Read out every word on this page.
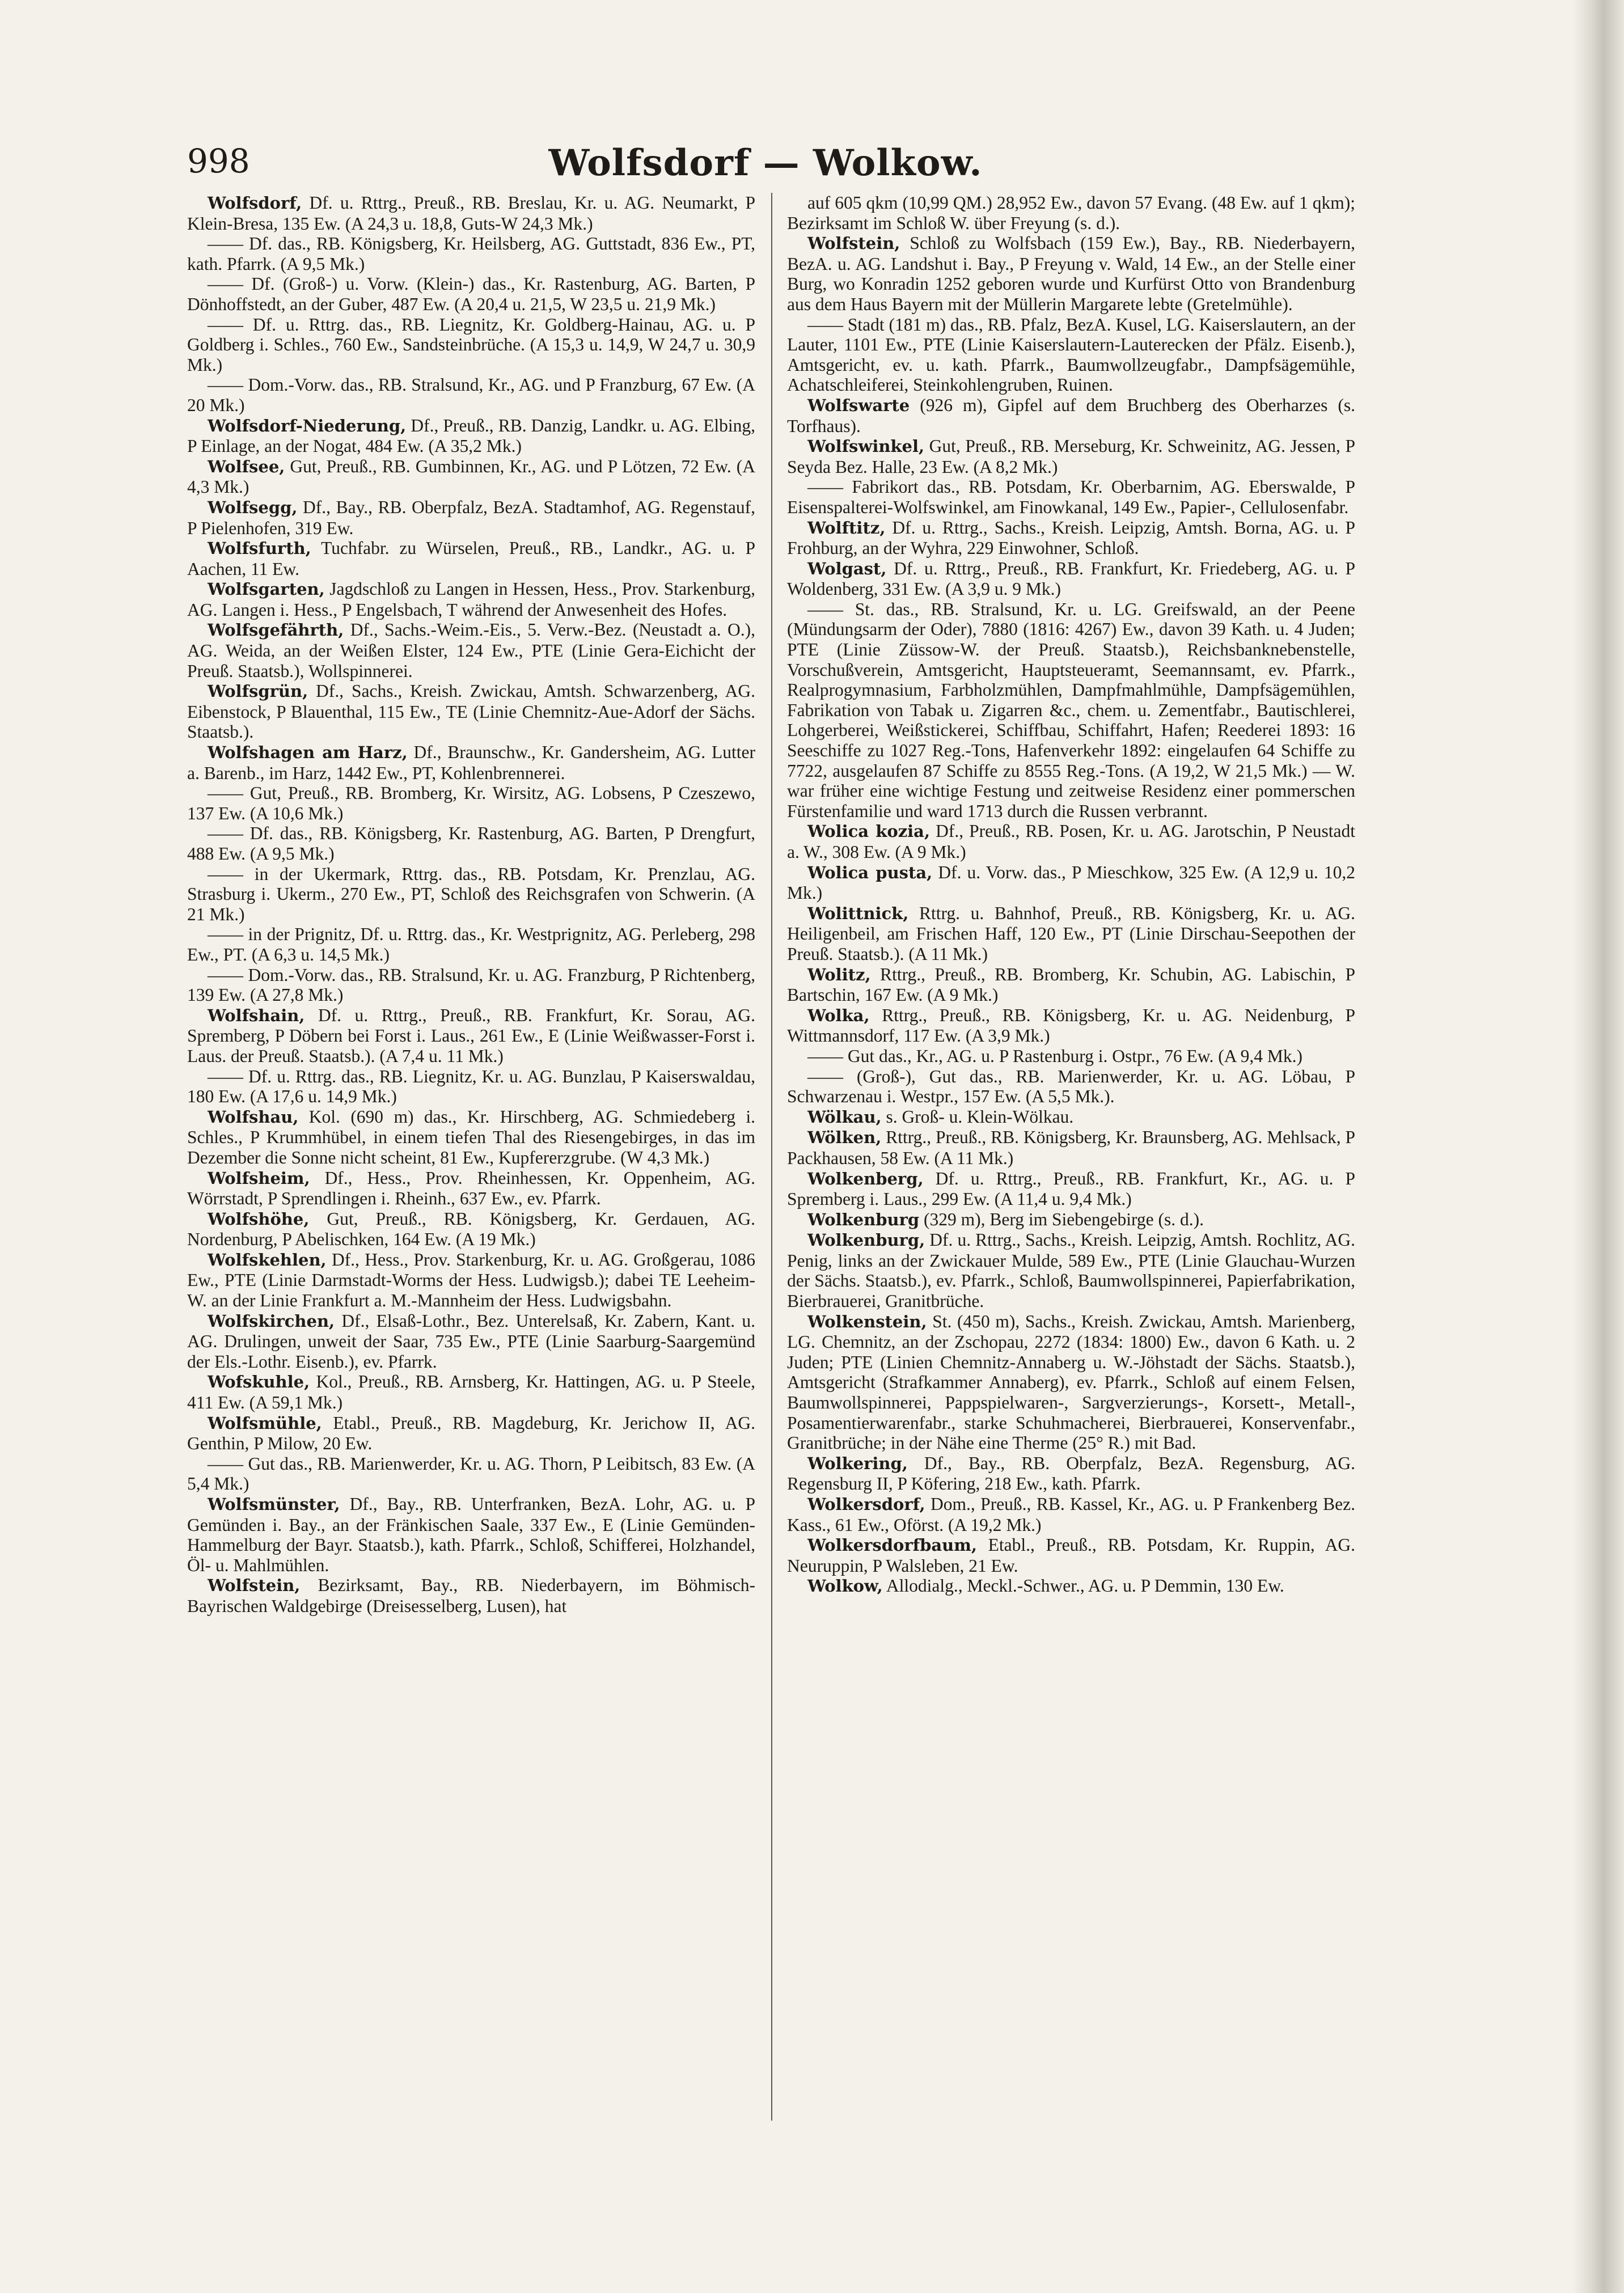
998	Wolfsdorf — Wolkow.

Wolfsdorf, Df. u. Rttrg., Preuß., RB. Breslau, Kr. u. AG. Neumarkt, P Klein-Bresa, 135 Ew. (A 24,3 u. 18,8, Guts-W 24,3 Mk.)

—— Df. das., RB. Königsberg, Kr. Heilsberg, AG. Guttstadt, 836 Ew., PT, kath. Pfarrk. (A 9,5 Mk.)

—— Df. (Groß-) u. Vorw. (Klein-) das., Kr. Rastenburg, AG. Barten, P Dönhoffstedt, an der Guber, 487 Ew. (A 20,4 u. 21,5, W 23,5 u. 21,9 Mk.)

—— Df. u. Rttrg. das., RB. Liegnitz, Kr. Goldberg-Hainau, AG. u. P Goldberg i. Schles., 760 Ew., Sandsteinbrüche. (A 15,3 u. 14,9, W 24,7 u. 30,9 Mk.)

—— Dom.-Vorw. das., RB. Stralsund, Kr., AG. und P Franzburg, 67 Ew. (A 20 Mk.)

Wolfsdorf-Niederung, Df., Preuß., RB. Danzig, Landkr. u. AG. Elbing, P Einlage, an der Nogat, 484 Ew. (A 35,2 Mk.)

Wolfsee, Gut, Preuß., RB. Gumbinnen, Kr., AG. und P Lötzen, 72 Ew. (A 4,3 Mk.)

Wolfsegg, Df., Bay., RB. Oberpfalz, BezA. Stadtamhof, AG. Regenstauf, P Pielenhofen, 319 Ew.

Wolfsfurth, Tuchfabr. zu Würselen, Preuß., RB., Landkr., AG. u. P Aachen, 11 Ew.

Wolfsgarten, Jagdschloß zu Langen in Hessen, Hess., Prov. Starkenburg, AG. Langen i. Hess., P Engelsbach, T während der Anwesenheit des Hofes.

Wolfsgefährth, Df., Sachs.-Weim.-Eis., 5. Verw.-Bez. (Neustadt a. O.), AG. Weida, an der Weißen Elster, 124 Ew., PTE (Linie Gera-Eichicht der Preuß. Staatsb.), Wollspinnerei.

Wolfsgrün, Df., Sachs., Kreish. Zwickau, Amtsh. Schwarzenberg, AG. Eibenstock, P Blauenthal, 115 Ew., TE (Linie Chemnitz-Aue-Adorf der Sächs. Staatsb.).

Wolfshagen am Harz, Df., Braunschw., Kr. Gandersheim, AG. Lutter a. Barenb., im Harz, 1442 Ew., PT, Kohlenbrennerei.

—— Gut, Preuß., RB. Bromberg, Kr. Wirsitz, AG. Lobsens, P Czeszewo, 137 Ew. (A 10,6 Mk.)

—— Df. das., RB. Königsberg, Kr. Rastenburg, AG. Barten, P Drengfurt, 488 Ew. (A 9,5 Mk.)

—— in der Ukermark, Rttrg. das., RB. Potsdam, Kr. Prenzlau, AG. Strasburg i. Ukerm., 270 Ew., PT, Schloß des Reichsgrafen von Schwerin. (A 21 Mk.)

—— in der Prignitz, Df. u. Rttrg. das., Kr. Westprignitz, AG. Perleberg, 298 Ew., PT. (A 6,3 u. 14,5 Mk.)

—— Dom.-Vorw. das., RB. Stralsund, Kr. u. AG. Franzburg, P Richtenberg, 139 Ew. (A 27,8 Mk.)

Wolfshain, Df. u. Rttrg., Preuß., RB. Frankfurt, Kr. Sorau, AG. Spremberg, P Döbern bei Forst i. Laus., 261 Ew., E (Linie Weißwasser-Forst i. Laus. der Preuß. Staatsb.). (A 7,4 u. 11 Mk.)

—— Df. u. Rttrg. das., RB. Liegnitz, Kr. u. AG. Bunzlau, P Kaiserswaldau, 180 Ew. (A 17,6 u. 14,9 Mk.)

Wolfshau, Kol. (690 m) das., Kr. Hirschberg, AG. Schmiedeberg i. Schles., P Krummhübel, in einem tiefen Thal des Riesengebirges, in das im Dezember die Sonne nicht scheint, 81 Ew., Kupfererzgrube. (W 4,3 Mk.)

Wolfsheim, Df., Hess., Prov. Rheinhessen, Kr. Oppenheim, AG. Wörrstadt, P Sprendlingen i. Rheinh., 637 Ew., ev. Pfarrk.

Wolfshöhe, Gut, Preuß., RB. Königsberg, Kr. Gerdauen, AG. Nordenburg, P Abelischken, 164 Ew. (A 19 Mk.)

Wolfskehlen, Df., Hess., Prov. Starkenburg, Kr. u. AG. Großgerau, 1086 Ew., PTE (Linie Darmstadt-Worms der Hess. Ludwigsb.); dabei TE Leeheim-W. an der Linie Frankfurt a. M.-Mannheim der Hess. Ludwigsbahn.

Wolfskirchen, Df., Elsaß-Lothr., Bez. Unterelsaß, Kr. Zabern, Kant. u. AG. Drulingen, unweit der Saar, 735 Ew., PTE (Linie Saarburg-Saargemünd der Els.-Lothr. Eisenb.), ev. Pfarrk.

Wofskuhle, Kol., Preuß., RB. Arnsberg, Kr. Hattingen, AG. u. P Steele, 411 Ew. (A 59,1 Mk.)

Wolfsmühle, Etabl., Preuß., RB. Magdeburg, Kr. Jerichow II, AG. Genthin, P Milow, 20 Ew.

—— Gut das., RB. Marienwerder, Kr. u. AG. Thorn, P Leibitsch, 83 Ew. (A 5,4 Mk.)

Wolfsmünster, Df., Bay., RB. Unterfranken, BezA. Lohr, AG. u. P Gemünden i. Bay., an der Fränkischen Saale, 337 Ew., E (Linie Gemünden-Hammelburg der Bayr. Staatsb.), kath. Pfarrk., Schloß, Schifferei, Holzhandel, Öl- u. Mahlmühlen.

Wolfstein, Bezirksamt, Bay., RB. Niederbayern, im Böhmisch-Bayrischen Waldgebirge (Dreisesselberg, Lusen), hat

auf 605 qkm (10,99 QM.) 28,952 Ew., davon 57 Evang. (48 Ew. auf 1 qkm); Bezirksamt im Schloß W. über Freyung (s. d.).

Wolfstein, Schloß zu Wolfsbach (159 Ew.), Bay., RB. Niederbayern, BezA. u. AG. Landshut i. Bay., P Freyung v. Wald, 14 Ew., an der Stelle einer Burg, wo Konradin 1252 geboren wurde und Kurfürst Otto von Brandenburg aus dem Haus Bayern mit der Müllerin Margarete lebte (Gretelmühle).

—— Stadt (181 m) das., RB. Pfalz, BezA. Kusel, LG. Kaiserslautern, an der Lauter, 1101 Ew., PTE (Linie Kaiserslautern-Lauterecken der Pfälz. Eisenb.), Amtsgericht, ev. u. kath. Pfarrk., Baumwollzeugfabr., Dampfsägemühle, Achatschleiferei, Steinkohlengruben, Ruinen.

Wolfswarte (926 m), Gipfel auf dem Bruchberg des Oberharzes (s. Torfhaus).

Wolfswinkel, Gut, Preuß., RB. Merseburg, Kr. Schweinitz, AG. Jessen, P Seyda Bez. Halle, 23 Ew. (A 8,2 Mk.)

—— Fabrikort das., RB. Potsdam, Kr. Oberbarnim, AG. Eberswalde, P Eisenspalterei-Wolfswinkel, am Finowkanal, 149 Ew., Papier-, Cellulosenfabr.

Wolftitz, Df. u. Rttrg., Sachs., Kreish. Leipzig, Amtsh. Borna, AG. u. P Frohburg, an der Wyhra, 229 Einwohner, Schloß.

Wolgast, Df. u. Rttrg., Preuß., RB. Frankfurt, Kr. Friedeberg, AG. u. P Woldenberg, 331 Ew. (A 3,9 u. 9 Mk.)

—— St. das., RB. Stralsund, Kr. u. LG. Greifswald, an der Peene (Mündungsarm der Oder), 7880 (1816: 4267) Ew., davon 39 Kath. u. 4 Juden; PTE (Linie Züssow-W. der Preuß. Staatsb.), Reichsbanknebenstelle, Vorschußverein, Amtsgericht, Hauptsteueramt, Seemannsamt, ev. Pfarrk., Realprogymnasium, Farbholzmühlen, Dampfmahlmühle, Dampfsägemühlen, Fabrikation von Tabak u. Zigarren &c., chem. u. Zementfabr., Bautischlerei, Lohgerberei, Weißstickerei, Schiffbau, Schiffahrt, Hafen; Reederei 1893: 16 Seeschiffe zu 1027 Reg.-Tons, Hafenverkehr 1892: eingelaufen 64 Schiffe zu 7722, ausgelaufen 87 Schiffe zu 8555 Reg.-Tons. (A 19,2, W 21,5 Mk.) — W. war früher eine wichtige Festung und zeitweise Residenz einer pommerschen Fürstenfamilie und ward 1713 durch die Russen verbrannt.

Wolica kozia, Df., Preuß., RB. Posen, Kr. u. AG. Jarotschin, P Neustadt a. W., 308 Ew. (A 9 Mk.)

Wolica pusta, Df. u. Vorw. das., P Mieschkow, 325 Ew. (A 12,9 u. 10,2 Mk.)

Wolittnick, Rttrg. u. Bahnhof, Preuß., RB. Königsberg, Kr. u. AG. Heiligenbeil, am Frischen Haff, 120 Ew., PT (Linie Dirschau-Seepothen der Preuß. Staatsb.). (A 11 Mk.)

Wolitz, Rttrg., Preuß., RB. Bromberg, Kr. Schubin, AG. Labischin, P Bartschin, 167 Ew. (A 9 Mk.)

Wolka, Rttrg., Preuß., RB. Königsberg, Kr. u. AG. Neidenburg, P Wittmannsdorf, 117 Ew. (A 3,9 Mk.)

—— Gut das., Kr., AG. u. P Rastenburg i. Ostpr., 76 Ew. (A 9,4 Mk.)

—— (Groß-), Gut das., RB. Marienwerder, Kr. u. AG. Löbau, P Schwarzenau i. Westpr., 157 Ew. (A 5,5 Mk.).

Wölkau, s. Groß- u. Klein-Wölkau.

Wölken, Rttrg., Preuß., RB. Königsberg, Kr. Braunsberg, AG. Mehlsack, P Packhausen, 58 Ew. (A 11 Mk.)

Wolkenberg, Df. u. Rttrg., Preuß., RB. Frankfurt, Kr., AG. u. P Spremberg i. Laus., 299 Ew. (A 11,4 u. 9,4 Mk.)

Wolkenburg (329 m), Berg im Siebengebirge (s. d.).

Wolkenburg, Df. u. Rttrg., Sachs., Kreish. Leipzig, Amtsh. Rochlitz, AG. Penig, links an der Zwickauer Mulde, 589 Ew., PTE (Linie Glauchau-Wurzen der Sächs. Staatsb.), ev. Pfarrk., Schloß, Baumwollspinnerei, Papierfabrikation, Bierbrauerei, Granitbrüche.

Wolkenstein, St. (450 m), Sachs., Kreish. Zwickau, Amtsh. Marienberg, LG. Chemnitz, an der Zschopau, 2272 (1834: 1800) Ew., davon 6 Kath. u. 2 Juden; PTE (Linien Chemnitz-Annaberg u. W.-Jöhstadt der Sächs. Staatsb.), Amtsgericht (Strafkammer Annaberg), ev. Pfarrk., Schloß auf einem Felsen, Baumwollspinnerei, Pappspielwaren-, Sargverzierungs-, Korsett-, Metall-, Posamentierwarenfabr., starke Schuhmacherei, Bierbrauerei, Konservenfabr., Granitbrüche; in der Nähe eine Therme (25° R.) mit Bad.

Wolkering, Df., Bay., RB. Oberpfalz, BezA. Regensburg, AG. Regensburg II, P Köfering, 218 Ew., kath. Pfarrk.

Wolkersdorf, Dom., Preuß., RB. Kassel, Kr., AG. u. P Frankenberg Bez. Kass., 61 Ew., Oförst. (A 19,2 Mk.)

Wolkersdorfbaum, Etabl., Preuß., RB. Potsdam, Kr. Ruppin, AG. Neuruppin, P Walsleben, 21 Ew.

Wolkow, Allodialg., Meckl.-Schwer., AG. u. P Demmin, 130 Ew.
